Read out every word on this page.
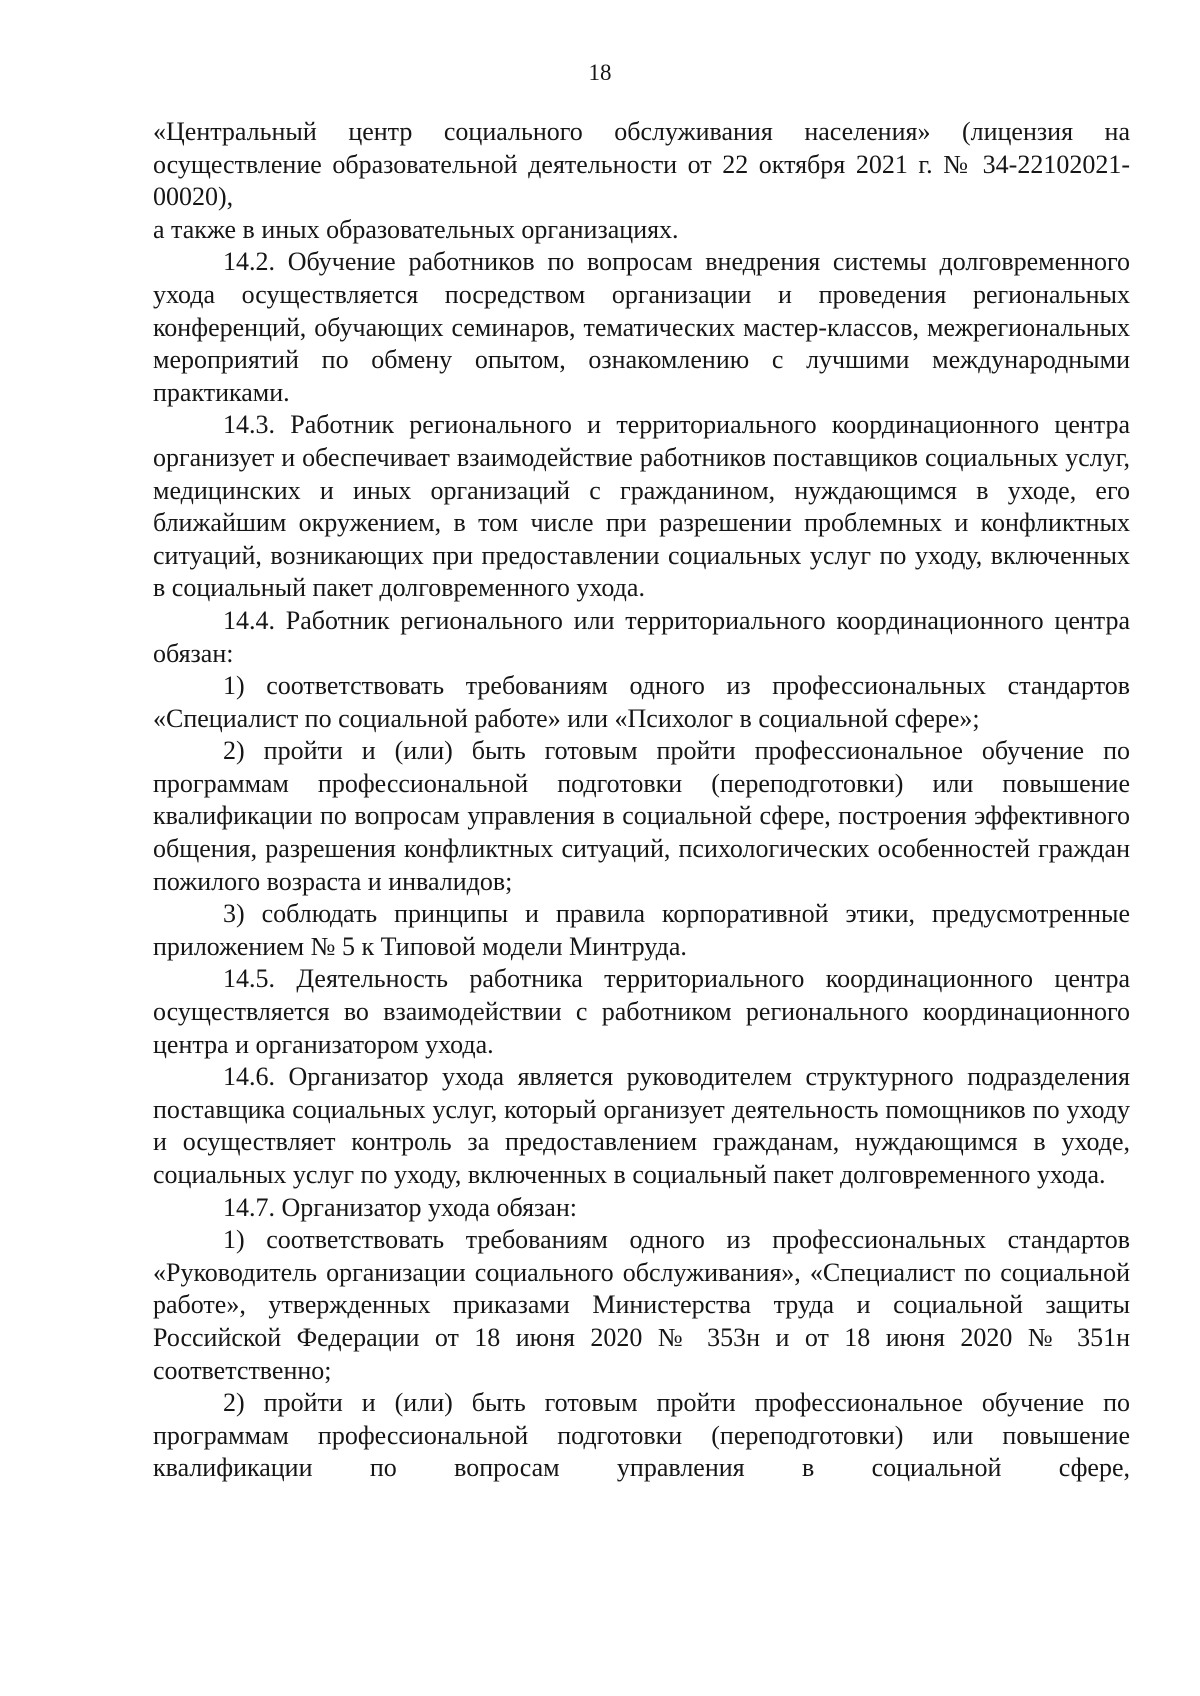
18

«Центральный центр социального обслуживания населения» (лицензия на осуществление образовательной деятельности от 22 октября 2021 г. № 34-22102021-00020),

а также в иных образовательных организациях.

14.2. Обучение работников по вопросам внедрения системы долговременного ухода осуществляется посредством организации и проведения региональных конференций, обучающих семинаров, тематических мастер-классов, межрегиональных мероприятий по обмену опытом, ознакомлению с лучшими международными практиками.

14.3. Работник регионального и территориального координационного центра организует и обеспечивает взаимодействие работников поставщиков социальных услуг, медицинских и иных организаций с гражданином, нуждающимся в уходе, его ближайшим окружением, в том числе при разрешении проблемных и конфликтных ситуаций, возникающих при предоставлении социальных услуг по уходу, включенных в социальный пакет долговременного ухода.

14.4. Работник регионального или территориального координационного центра обязан:

1) соответствовать требованиям одного из профессиональных стандартов «Специалист по социальной работе» или «Психолог в социальной сфере»;

2) пройти и (или) быть готовым пройти профессиональное обучение по программам профессиональной подготовки (переподготовки) или повышение квалификации по вопросам управления в социальной сфере, построения эффективного общения, разрешения конфликтных ситуаций, психологических особенностей граждан пожилого возраста и инвалидов;

3) соблюдать принципы и правила корпоративной этики, предусмотренные приложением № 5 к Типовой модели Минтруда.

14.5. Деятельность работника территориального координационного центра осуществляется во взаимодействии с работником регионального координационного центра и организатором ухода.

14.6. Организатор ухода является руководителем структурного подразделения поставщика социальных услуг, который организует деятельность помощников по уходу и осуществляет контроль за предоставлением гражданам, нуждающимся в уходе, социальных услуг по уходу, включенных в социальный пакет долговременного ухода.

14.7. Организатор ухода обязан:

1) соответствовать требованиям одного из профессиональных стандартов «Руководитель организации социального обслуживания», «Специалист по социальной работе», утвержденных приказами Министерства труда и социальной защиты Российской Федерации от 18 июня 2020 № 353н и от 18 июня 2020 № 351н соответственно;

2) пройти и (или) быть готовым пройти профессиональное обучение по программам профессиональной подготовки (переподготовки) или повышение квалификации по вопросам управления в социальной сфере,
